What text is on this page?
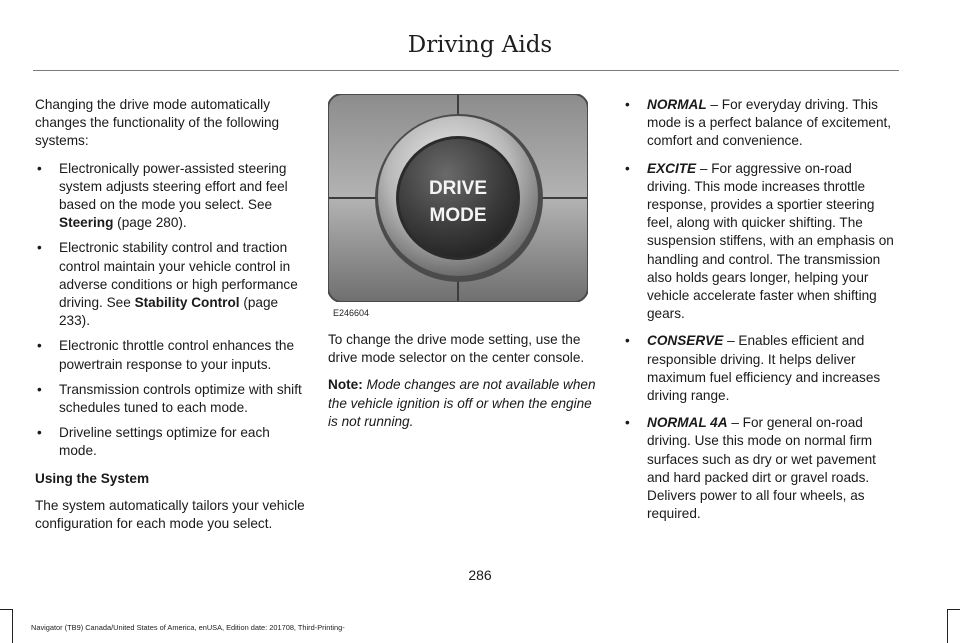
Driving Aids

Changing the drive mode automatically changes the functionality of the following systems:

• Electronically power-assisted steering system adjusts steering effort and feel based on the mode you select. See Steering (page 280).
• Electronic stability control and traction control maintain your vehicle control in adverse conditions or high performance driving. See Stability Control (page 233).
• Electronic throttle control enhances the powertrain response to your inputs.
• Transmission controls optimize with shift schedules tuned to each mode.
• Driveline settings optimize for each mode.

Using the System

The system automatically tailors your vehicle configuration for each mode you select.

DRIVE
MODE
E246604

To change the drive mode setting, use the drive mode selector on the center console.

Note: Mode changes are not available when the vehicle ignition is off or when the engine is not running.

• NORMAL – For everyday driving. This mode is a perfect balance of excitement, comfort and convenience.
• EXCITE – For aggressive on-road driving. This mode increases throttle response, provides a sportier steering feel, along with quicker shifting. The suspension stiffens, with an emphasis on handling and control. The transmission also holds gears longer, helping your vehicle accelerate faster when shifting gears.
• CONSERVE – Enables efficient and responsible driving. It helps deliver maximum fuel efficiency and increases driving range.
• NORMAL 4A – For general on-road driving. Use this mode on normal firm surfaces such as dry or wet pavement and hard packed dirt or gravel roads. Delivers power to all four wheels, as required.
286
Navigator (TB9) Canada/United States of America, enUSA, Edition date: 201708, Third-Printing-
